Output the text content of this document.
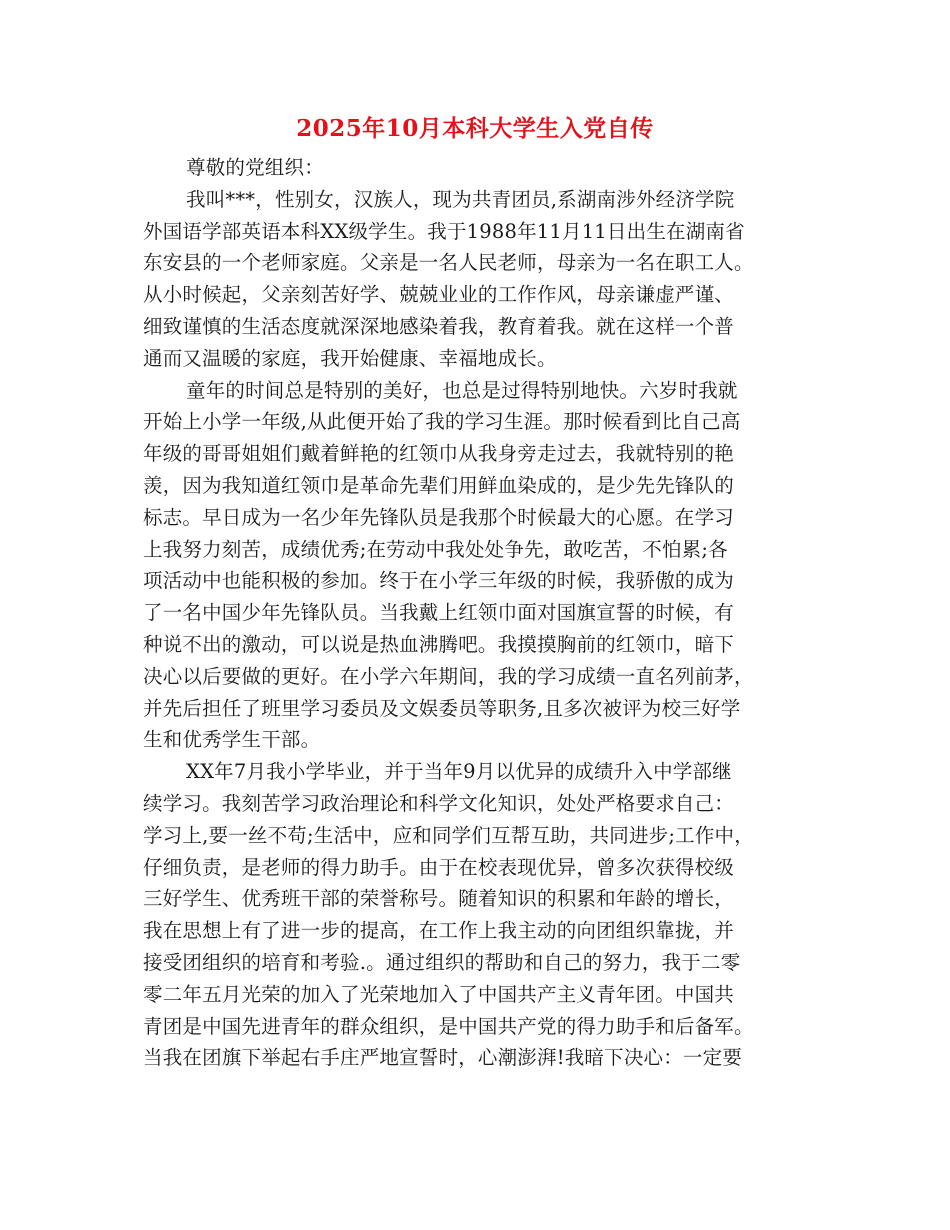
2025年10月本科大学生入党自传
尊敬的党组织：
我叫***，性别女，汉族人，现为共青团员,系湖南涉外经济学院
外国语学部英语本科XX级学生。我于1988年11月11日出生在湖南省
东安县的一个老师家庭。父亲是一名人民老师，母亲为一名在职工人。
从小时候起，父亲刻苦好学、兢兢业业的工作作风，母亲谦虚严谨、
细致谨慎的生活态度就深深地感染着我，教育着我。就在这样一个普
通而又温暖的家庭，我开始健康、幸福地成长。
童年的时间总是特别的美好，也总是过得特别地快。六岁时我就
开始上小学一年级,从此便开始了我的学习生涯。那时候看到比自己高
年级的哥哥姐姐们戴着鲜艳的红领巾从我身旁走过去，我就特别的艳
羡，因为我知道红领巾是革命先辈们用鲜血染成的，是少先先锋队的
标志。早日成为一名少年先锋队员是我那个时候最大的心愿。在学习
上我努力刻苦，成绩优秀;在劳动中我处处争先，敢吃苦，不怕累;各
项活动中也能积极的参加。终于在小学三年级的时候，我骄傲的成为
了一名中国少年先锋队员。当我戴上红领巾面对国旗宣誓的时候，有
种说不出的激动，可以说是热血沸腾吧。我摸摸胸前的红领巾，暗下
决心以后要做的更好。在小学六年期间，我的学习成绩一直名列前茅，
并先后担任了班里学习委员及文娱委员等职务,且多次被评为校三好学
生和优秀学生干部。
XX年7月我小学毕业，并于当年9月以优异的成绩升入中学部继
续学习。我刻苦学习政治理论和科学文化知识，处处严格要求自己：
学习上,要一丝不苟;生活中，应和同学们互帮互助，共同进步;工作中，
仔细负责，是老师的得力助手。由于在校表现优异，曾多次获得校级
三好学生、优秀班干部的荣誉称号。随着知识的积累和年龄的增长，
我在思想上有了进一步的提高，在工作上我主动的向团组织靠拢，并
接受团组织的培育和考验.。通过组织的帮助和自己的努力，我于二零
零二年五月光荣的加入了光荣地加入了中国共产主义青年团。中国共
青团是中国先进青年的群众组织，是中国共产党的得力助手和后备军。
当我在团旗下举起右手庄严地宣誓时，心潮澎湃!我暗下决心：一定要
